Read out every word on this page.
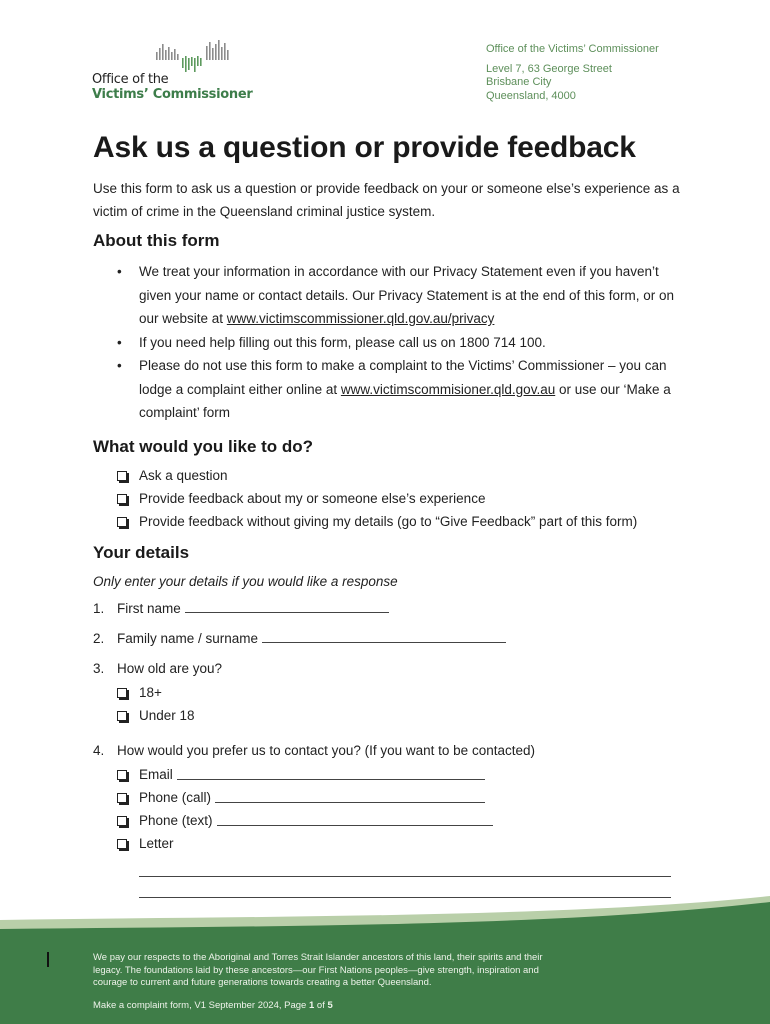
Office of the
Victims’ Commissioner
Office of the Victims’ Commissioner
Level 7, 63 George Street
Brisbane City
Queensland, 4000
Ask us a question or provide feedback

Use this form to ask us a question or provide feedback on your or someone else’s experience as a victim of crime in the Queensland criminal justice system.

About this form
• We treat your information in accordance with our Privacy Statement even if you haven’t given your name or contact details. Our Privacy Statement is at the end of this form, or on our website at www.victimscommissioner.qld.gov.au/privacy
• If you need help filling out this form, please call us on 1800 714 100.
• Please do not use this form to make a complaint to the Victims’ Commissioner – you can lodge a complaint either online at www.victimscommisioner.qld.gov.au or use our ‘Make a complaint’ form
What would you like to do?
Ask a question
Provide feedback about my or someone else’s experience
Provide feedback without giving my details (go to “Give Feedback” part of this form)
Your details
Only enter your details if you would like a response
1. First name
2. Family name / surname
3. How old are you?
18+
Under 18
4. How would you prefer us to contact you? (If you want to be contacted)
Email
Phone (call)
Phone (text)
Letter

We pay our respects to the Aboriginal and Torres Strait Islander ancestors of this land, their spirits and their legacy. The foundations laid by these ancestors—our First Nations peoples—give strength, inspiration and courage to current and future generations towards creating a better Queensland.

Make a complaint form, V1 September 2024, Page 1 of 5
